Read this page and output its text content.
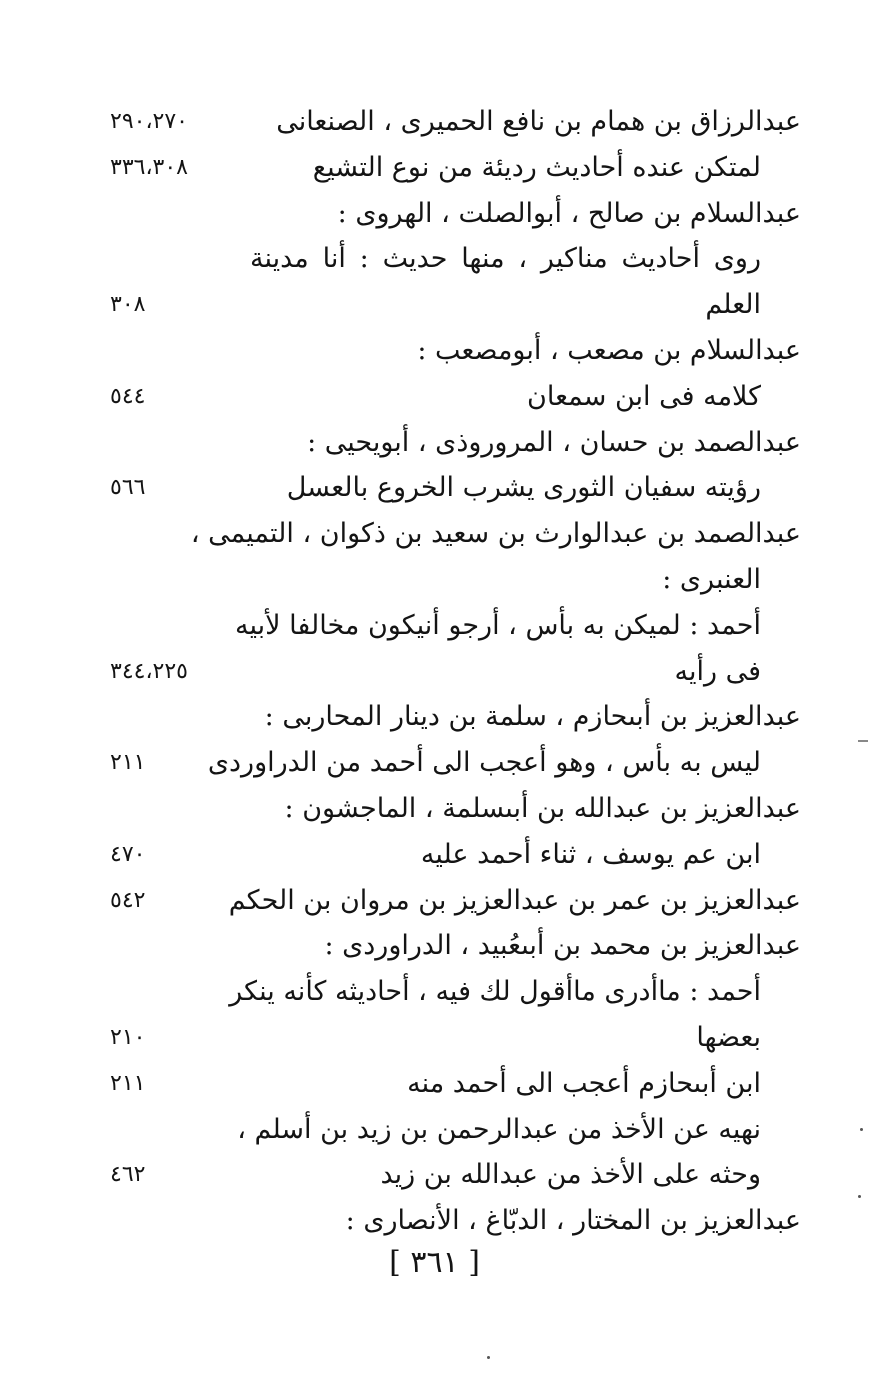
عبدالرزاق بن همام بن نافع الحميرى ، الصنعانى
٢٩٠،٢٧٠
لمتكن عنده أحاديث رديئة من نوع التشيع
٣٣٦،٣٠٨
عبدالسلام بن صالح ، أبوالصلت ، الهروى :
روى أحاديث مناكير ، منها حديث : أنا مدينة
العلم
٣٠٨
عبدالسلام بن مصعب ، أبومصعب :
كلامه فى ابن سمعان
٥٤٤
عبدالصمد بن حسان ، المروروذى ، أبويحيى :
رؤيته سفيان الثورى يشرب الخروع بالعسل
٥٦٦
عبدالصمد بن عبدالوارث بن سعيد بن ذكوان ، التميمى ،
العنبرى :
أحمد : لميكن به بأس ، أرجو أنيكون مخالفا لأبيه
فى رأيه
٣٤٤،٢٢٥
عبدالعزيز بن أبىحازم ، سلمة بن دينار المحاربى :
ليس به بأس ، وهو أعجب الى أحمد من الدراوردى
٢١١
عبدالعزيز بن عبدالله بن أبىسلمة ، الماجشون :
ابن عم يوسف ، ثناء أحمد عليه
٤٧٠
عبدالعزيز بن عمر بن عبدالعزيز بن مروان بن الحكم
٥٤٢
عبدالعزيز بن محمد بن أبىعُبيد ، الدراوردى :
أحمد : ماأدرى ماأقول لك فيه ، أحاديثه كأنه ينكر
بعضها
٢١٠
ابن أبىحازم أعجب الى أحمد منه
٢١١
نهيه عن الأخذ من عبدالرحمن بن زيد بن أسلم ،
وحثه على الأخذ من عبدالله بن زيد
٤٦٢
عبدالعزيز بن المختار ، الدبّاغ ، الأنصارى :
[ ٣٦١ ]
